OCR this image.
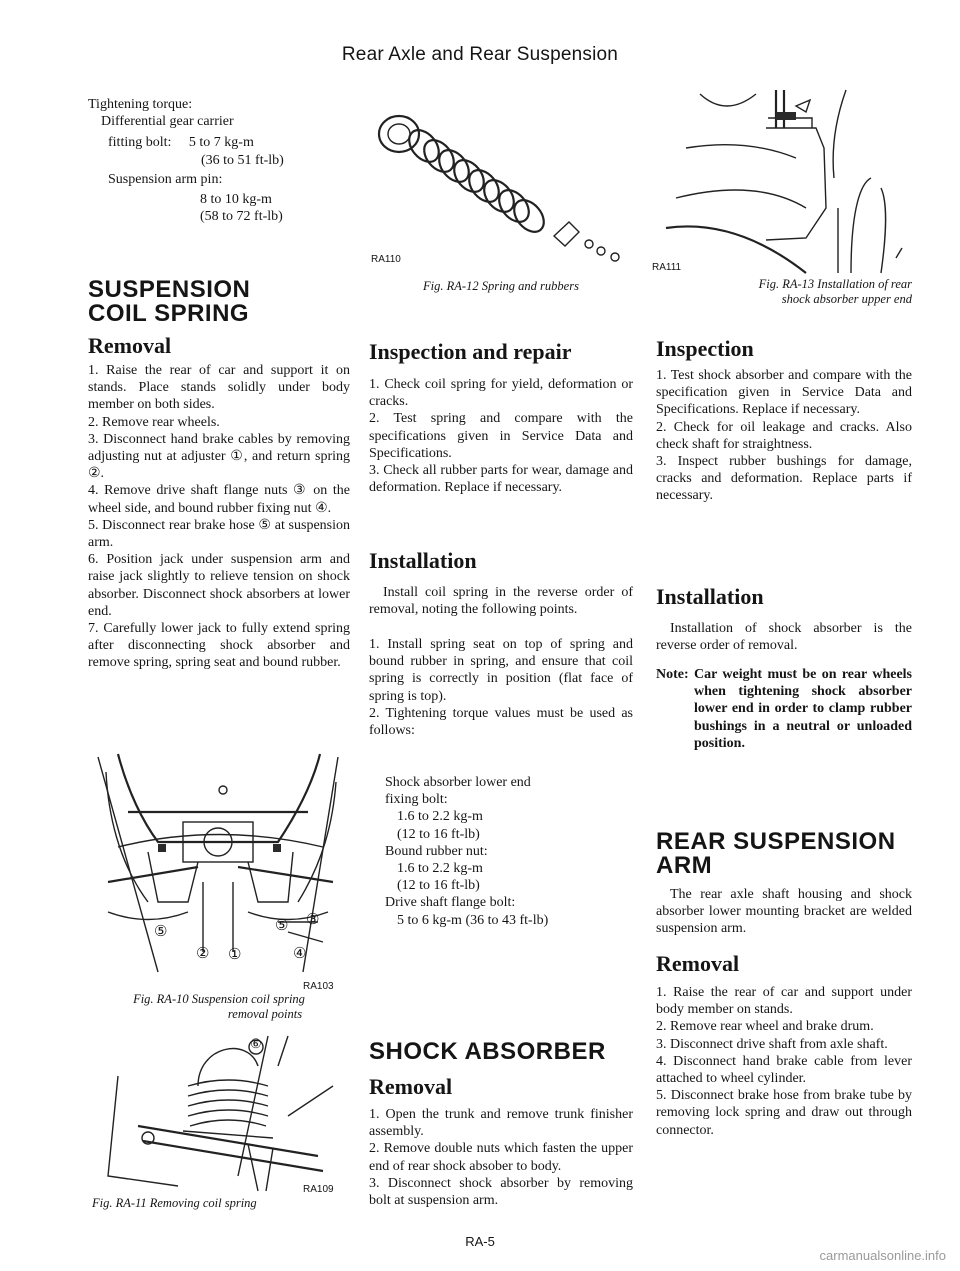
Rear Axle and Rear Suspension
Tightening torque:
Differential gear carrier
fitting bolt: 5 to 7 kg-m
(36 to 51 ft-lb)
Suspension arm pin:
8 to 10 kg-m
(58 to 72 ft-lb)
SUSPENSION
COIL SPRING
Removal
1. Raise the rear of car and support it on stands. Place stands solidly under body member on both sides.
2. Remove rear wheels.
3. Disconnect hand brake cables by removing adjusting nut at adjuster ①, and return spring ②.
4. Remove drive shaft flange nuts ③ on the wheel side, and bound rubber fixing nut ④.
5. Disconnect rear brake hose ⑤ at suspension arm.
6. Position jack under suspension arm and raise jack slightly to relieve tension on shock absorber. Disconnect shock absorbers at lower end.
7. Carefully lower jack to fully extend spring after disconnecting shock absorber and remove spring, spring seat and bound rubber.
⑤	⑤ ③
② ①	④
RA103
Fig. RA-10 Suspension coil spring
removal points
⑥
RA109
Fig. RA-11 Removing coil spring
RA110
Fig. RA-12 Spring and rubbers
Inspection and repair
1. Check coil spring for yield, deformation or cracks.
2. Test spring and compare with the specifications given in Service Data and Specifications.
3. Check all rubber parts for wear, damage and deformation. Replace if necessary.
Installation
Install coil spring in the reverse order of removal, noting the following points.
1. Install spring seat on top of spring and bound rubber in spring, and ensure that coil spring is correctly in position (flat face of spring is top).
2. Tightening torque values must be used as follows:
Shock absorber lower end
fixing bolt:
1.6 to 2.2 kg-m
(12 to 16 ft-lb)
Bound rubber nut:
1.6 to 2.2 kg-m
(12 to 16 ft-lb)
Drive shaft flange bolt:
5 to 6 kg-m (36 to 43 ft-lb)
SHOCK ABSORBER
Removal
1. Open the trunk and remove trunk finisher assembly.
2. Remove double nuts which fasten the upper end of rear shock absober to body.
3. Disconnect shock absorber by removing bolt at suspension arm.
RA111
Fig. RA-13 Installation of rear
shock absorber upper end
Inspection
1. Test shock absorber and compare with the specification given in Service Data and Specifications. Replace if necessary.
2. Check for oil leakage and cracks. Also check shaft for straightness.
3. Inspect rubber bushings for damage, cracks and deformation. Replace parts if necessary.
Installation
Installation of shock absorber is the reverse order of removal.
Note: Car weight must be on rear wheels when tightening shock absorber lower end in order to clamp rubber bushings in a neutral or unloaded position.
REAR SUSPENSION
ARM
The rear axle shaft housing and shock absorber lower mounting bracket are welded suspension arm.
Removal
1. Raise the rear of car and support under body member on stands.
2. Remove rear wheel and brake drum.
3. Disconnect drive shaft from axle shaft.
4. Disconnect hand brake cable from lever attached to wheel cylinder.
5. Disconnect brake hose from brake tube by removing lock spring and draw out through connector.
RA-5
carmanualsonline.info
